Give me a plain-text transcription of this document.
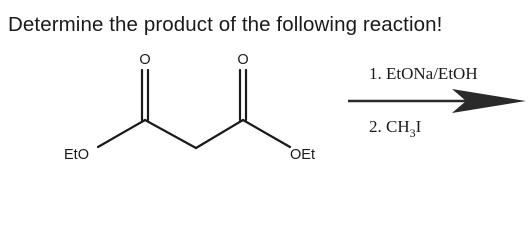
Determine the product of the following reaction!
O	O
EtO	OEt
1. EtONa/EtOH
2. $CH_3I$
